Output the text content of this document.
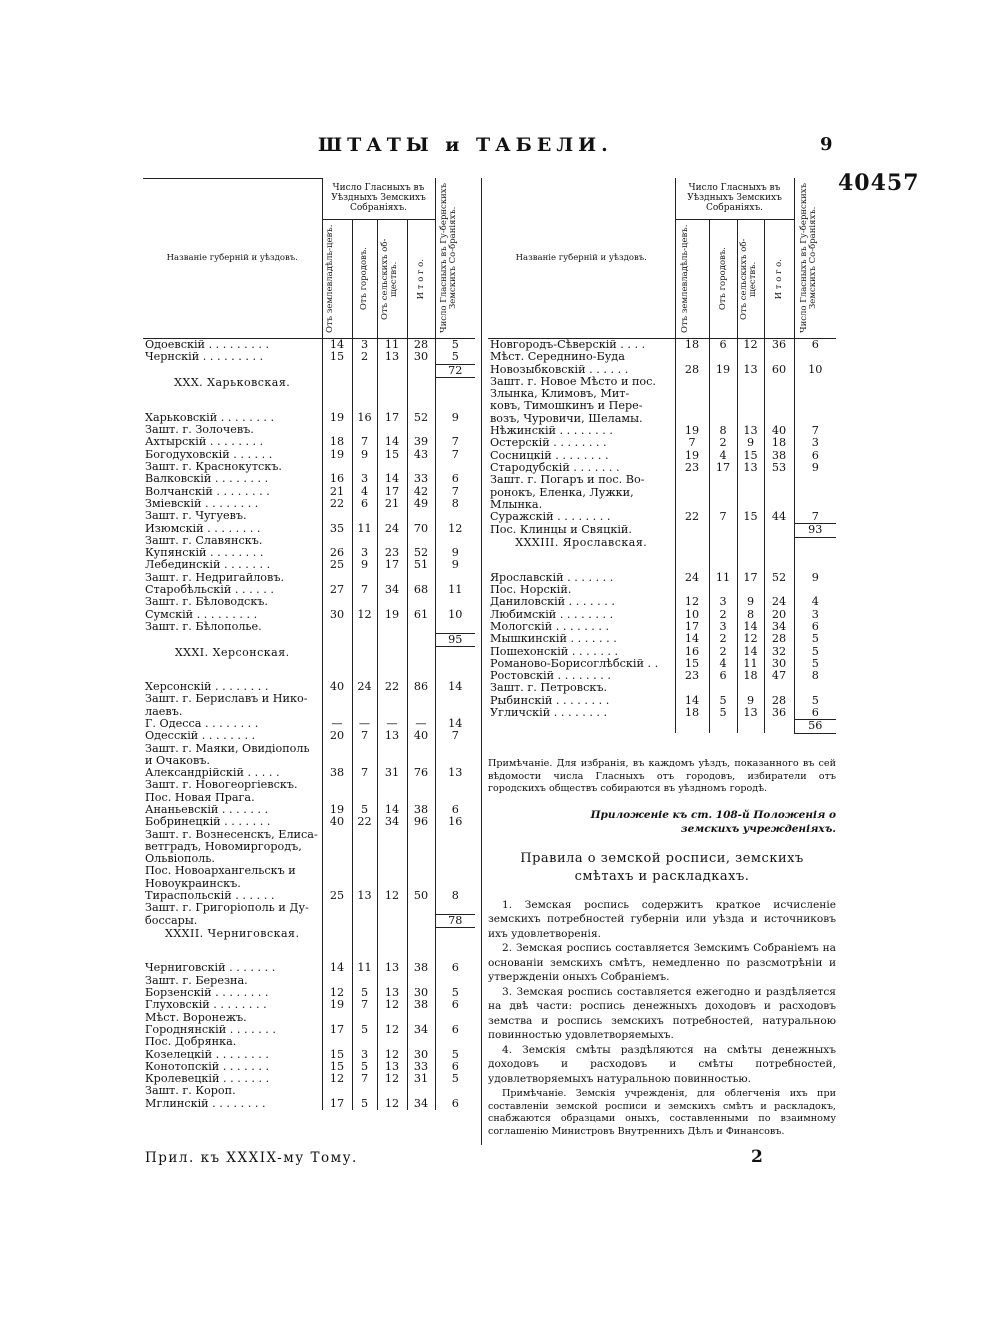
ШТАТЫ и ТАБЕЛИ.	9
40457
Названіе губерній и уѣздовъ.	Число Гласныхъ въ Уѣздныхъ Земскихъ Собраніяхъ.				Число Гласныхъ въ Гу-бернскихъ Земскихъ Со-браніяхъ.

	Отъ землевладѣль-цевъ.	Отъ городовъ.	Отъ сельскихъ об-ществъ.	И т о г о.	

Одоевскій . . . . . . . . .	14	3	11	28	5
Чернскій . . . . . . . . .	15	2	13	30	5
					72
XXX. Харьковская.					
Харьковскій . . . . . . . .	19	16	17	52	9
Зашт. г. Золочевъ.					
Ахтырскій . . . . . . . .	18	7	14	39	7
Богодуховскій . . . . . .	19	9	15	43	7
Зашт. г. Краснокутскъ.					
Валковскій . . . . . . . .	16	3	14	33	6
Волчанскій . . . . . . . .	21	4	17	42	7
Зміевскій . . . . . . . .	22	6	21	49	8
Зашт. г. Чугуевъ.					
Изюмскій . . . . . . . .	35	11	24	70	12
Зашт. г. Славянскъ.					
Купянскій . . . . . . . .	26	3	23	52	9
Лебединскій . . . . . . .	25	9	17	51	9
Зашт. г. Недригайловъ.					
Старобѣльскій . . . . . .	27	7	34	68	11
Зашт. г. Бѣловодскъ.					
Сумскій . . . . . . . . .	30	12	19	61	10
Зашт. г. Бѣлополье.					
					95
XXXI. Херсонская.					
Херсонскій . . . . . . . .	40	24	22	86	14
Зашт. г. Бериславъ и Нико-					
лаевъ.					
Г. Одесса . . . . . . . .	—	—	—	—	14
Одесскій . . . . . . . .	20	7	13	40	7
Зашт. г. Маяки, Овидіополь					
и Очаковъ.					
Александрійскій . . . . .	38	7	31	76	13
Зашт. г. Новогеоргіевскъ.					
Пос. Новая Прага.					
Ананьевскій . . . . . . .	19	5	14	38	6
Бобринецкій . . . . . . .	40	22	34	96	16
Зашт. г. Вознесенскъ, Елиса-					
ветградъ, Новомиргородъ,					
Ольвіополь.					
Пос. Новоархангельскъ и					
Новоукраинскъ.					
Тираспольскій . . . . . .	25	13	12	50	8
Зашт. г. Григоріополь и Ду-					
боссары.					78
XXXII. Черниговская.					
Черниговскій . . . . . . .	14	11	13	38	6
Зашт. г. Березна.					
Борзенскій . . . . . . . .	12	5	13	30	5
Глуховскій . . . . . . . .	19	7	12	38	6
Мѣст. Воронежъ.					
Городнянскій . . . . . . .	17	5	12	34	6
Пос. Добрянка.					
Козелецкій . . . . . . . .	15	3	12	30	5
Конотопскій . . . . . . .	15	5	13	33	6
Кролевецкій . . . . . . .	12	7	12	31	5
Зашт. г. Короп.					
Мглинскій . . . . . . . .	17	5	12	34	6
Названіе губерній и уѣздовъ.	Число Гласныхъ въ Уѣздныхъ Земскихъ Собраніяхъ.				Число Гласныхъ въ Гу-бернскихъ Земскихъ Со-браніяхъ.

	Отъ землевладѣль-цевъ.	Отъ городовъ.	Отъ сельскихъ об-ществъ.	И т о г о.	

Новгородъ-Сѣверскій . . . .	18	6	12	36	6
Мѣст. Середнино-Буда					
Новозыбковскій . . . . . .	28	19	13	60	10
Зашт. г. Новое Мѣсто и пос.					
Злынка, Климовъ, Мит-					
ковъ, Тимошкинъ и Пере-					
возъ, Чуровичи, Шеламы.					
Нѣжинскій . . . . . . . .	19	8	13	40	7
Остерскій . . . . . . . .	7	2	9	18	3
Сосницкій . . . . . . . .	19	4	15	38	6
Стародубскій . . . . . . .	23	17	13	53	9
Зашт. г. Погаръ и пос. Во-					
ронокъ, Еленка, Лужки,					
Млынка.					
Суражскій . . . . . . . .	22	7	15	44	7
Пос. Клинцы и Свяцкій.					93
XXXIII. Ярославская.					
Ярославскій . . . . . . .	24	11	17	52	9
Пос. Норскій.					
Даниловскій . . . . . . .	12	3	9	24	4
Любимскій . . . . . . . .	10	2	8	20	3
Мологскій . . . . . . . .	17	3	14	34	6
Мышкинскій . . . . . . .	14	2	12	28	5
Пошехонскій . . . . . . .	16	2	14	32	5
Романово-Борисоглѣбскій . .	15	4	11	30	5
Ростовскій . . . . . . . .	23	6	18	47	8
Зашт. г. Петровскъ.					
Рыбинскій . . . . . . . .	14	5	9	28	5
Угличскій . . . . . . . .	18	5	13	36	6
					56
Примѣчаніе. Для избранія, въ каждомъ уѣздъ, показанного въ сей вѣдомости числа Гласныхъ отъ городовъ, избиратели отъ городскихъ обществъ собираются въ уѣздномъ городѣ.
Приложеніе къ ст. 108-й Положенія о земскихъ учрежденіяхъ.
Правила о земской росписи, земскихъ смѣтахъ и раскладкахъ.
1. Земская роспись содержитъ краткое исчисленіе земскихъ потребностей губерніи или уѣзда и источниковъ ихъ удовлетворенія.
2. Земская роспись составляется Земскимъ Собраніемъ на основаніи земскихъ смѣтъ, немедленно по разсмотрѣніи и утвержденіи оныхъ Собраніемъ.
3. Земская роспись составляется ежегодно и раздѣляется на двѣ части: роспись денежныхъ доходовъ и расходовъ земства и роспись земскихъ потребностей, натуральною повинностью удовлетворяемыхъ.
4. Земскія смѣты раздѣляются на смѣты денежныхъ доходовъ и расходовъ и смѣты потребностей, удовлетворяемыхъ натуральною повинностью.
Примѣчаніе. Земскія учрежденія, для облегченія ихъ при составленіи земской росписи и земскихъ смѣтъ и раскладокъ, снабжаются образцами оныхъ, составленными по взаимному соглашенію Министровъ Внутреннихъ Дѣлъ и Финансовъ.
Прил. къ XXXIX-му Тому.	2
